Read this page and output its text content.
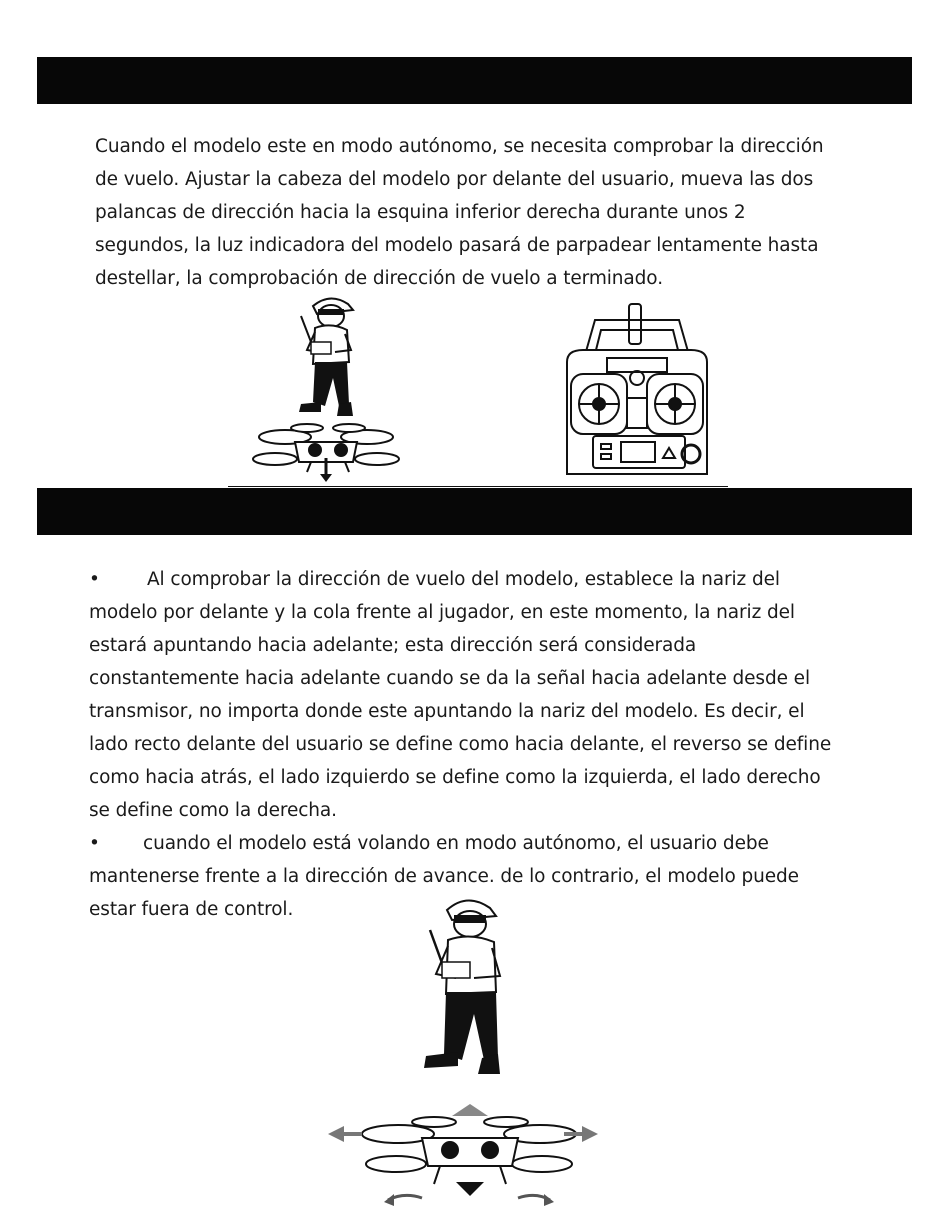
Cuando el modelo este en modo autónomo, se necesita comprobar la dirección
de vuelo. Ajustar la cabeza del modelo por delante del usuario, mueva las dos
palancas de dirección hacia la esquina inferior derecha durante unos 2
segundos, la luz indicadora del modelo pasará de parpadear lentamente hasta
destellar, la comprobación de dirección de vuelo a terminado.

•	Al comprobar la dirección de vuelo del modelo, establece la nariz del
modelo por delante y la cola frente al jugador, en este momento, la nariz del
estará apuntando hacia adelante; esta dirección será considerada
constantemente hacia adelante cuando se da la señal hacia adelante desde el
transmisor, no importa donde este apuntando la nariz del modelo. Es decir, el
lado recto delante del usuario se define como hacia delante, el reverso se define
como hacia atrás, el lado izquierdo se define como la izquierda, el lado derecho
se define como la derecha.
• cuando el modelo está volando en modo autónomo, el usuario debe
mantenerse frente a la dirección de avance. de lo contrario, el modelo puede
estar fuera de control.
